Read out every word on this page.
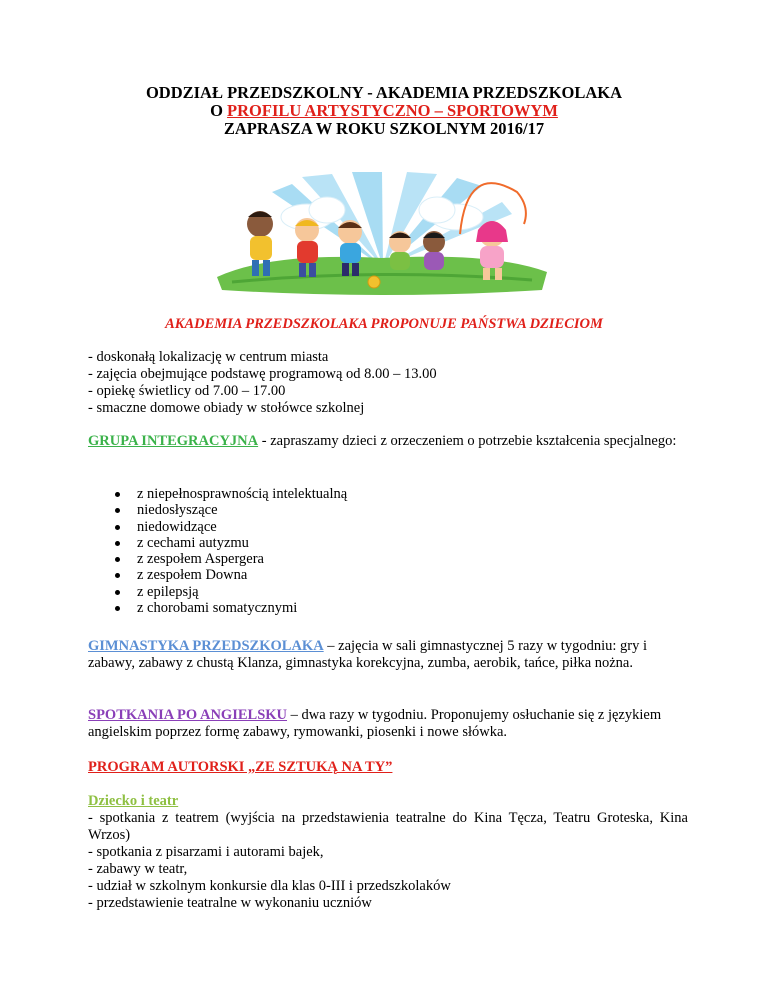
ODDZIAŁ PRZEDSZKOLNY - AKADEMIA PRZEDSZKOLAKA
O PROFILU ARTYSTYCZNO – SPORTOWYM
ZAPRASZA W ROKU SZKOLNYM 2016/17
AKADEMIA PRZEDSZKOLAKA PROPONUJE PAŃSTWA DZIECIOM
- doskonałą lokalizację w centrum miasta
- zajęcia obejmujące podstawę programową od 8.00 – 13.00
- opiekę świetlicy od 7.00 – 17.00
- smaczne domowe obiady w stołówce szkolnej
GRUPA INTEGRACYJNA - zapraszamy dzieci z orzeczeniem o potrzebie kształcenia specjalnego:
z niepełnosprawnością intelektualną
niedosłyszące
niedowidzące
z cechami autyzmu
z zespołem Aspergera
z zespołem Downa
z epilepsją
z chorobami somatycznymi
GIMNASTYKA PRZEDSZKOLAKA – zajęcia w sali gimnastycznej 5 razy w tygodniu: gry i zabawy, zabawy z chustą Klanza, gimnastyka korekcyjna, zumba, aerobik, tańce, piłka nożna.
SPOTKANIA PO ANGIELSKU – dwa razy w tygodniu. Proponujemy osłuchanie się z językiem angielskim poprzez formę zabawy, rymowanki, piosenki i nowe słówka.
PROGRAM AUTORSKI „ZE SZTUKĄ NA TY”
Dziecko i teatr
- spotkania z teatrem (wyjścia na przedstawienia teatralne do Kina Tęcza, Teatru Groteska, Kina Wrzos)
- spotkania z pisarzami i autorami bajek,
- zabawy w teatr,
- udział w szkolnym konkursie dla klas 0-III i przedszkolaków
- przedstawienie teatralne w wykonaniu uczniów
